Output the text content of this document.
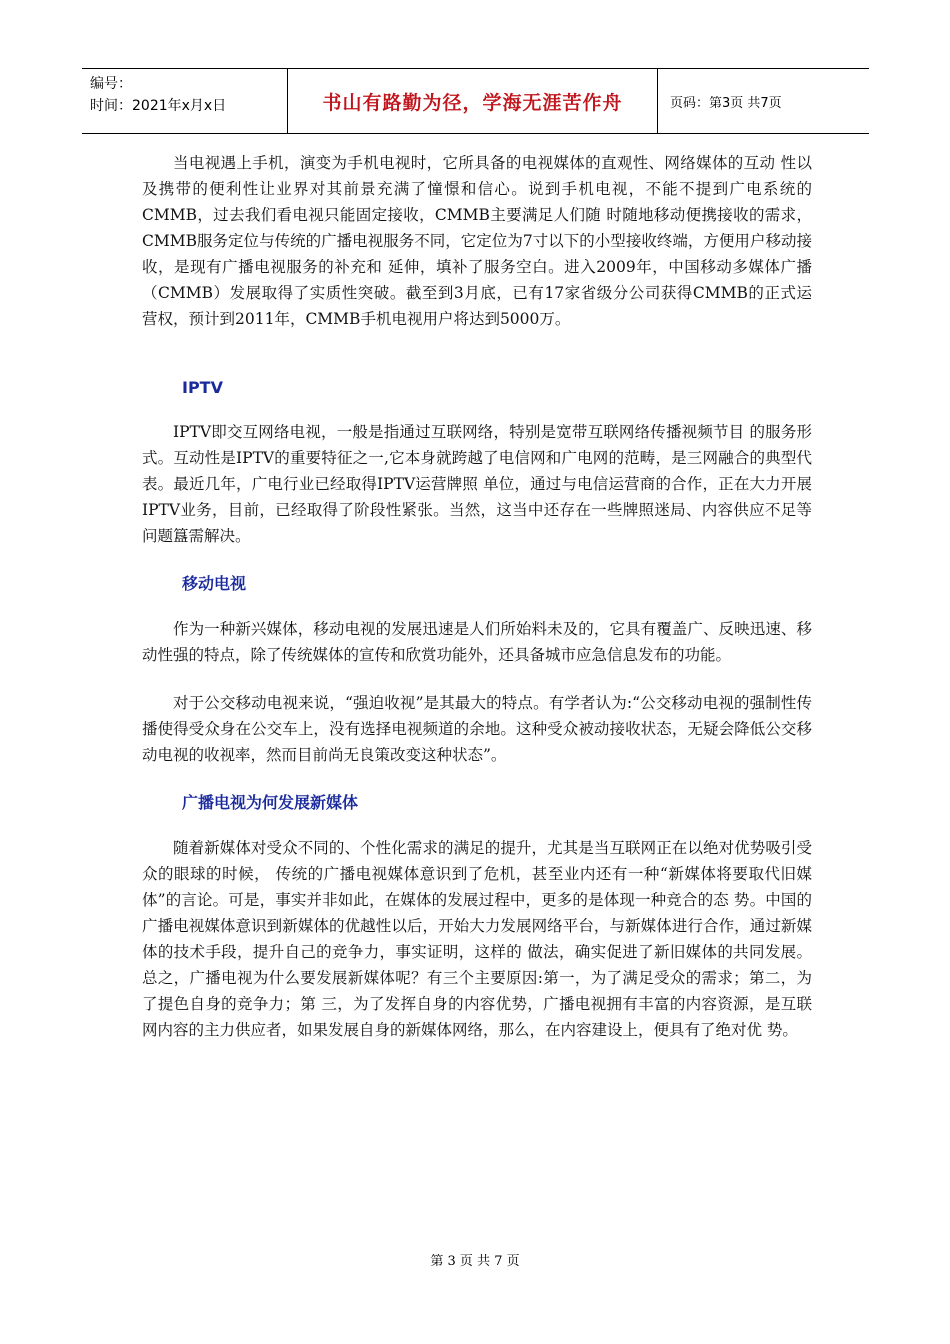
编号：
时间：2021年x月x日	书山有路勤为径，学海无涯苦作舟	页码：第3页 共7页

当电视遇上手机，演变为手机电视时，它所具备的电视媒体的直观性、网络媒体的互动 性以及携带的便利性让业界对其前景充满了憧憬和信心。说到手机电视，不能不提到广电系统的CMMB，过去我们看电视只能固定接收，CMMB主要满足人们随 时随地移动便携接收的需求，CMMB服务定位与传统的广播电视服务不同，它定位为7寸以下的小型接收终端，方便用户移动接收，是现有广播电视服务的补充和 延伸，填补了服务空白。进入2009年，中国移动多媒体广播（CMMB）发展取得了实质性突破。截至到3月底，已有17家省级分公司获得CMMB的正式运 营权，预计到2011年，CMMB手机电视用户将达到5000万。

IPTV

IPTV即交互网络电视，一般是指通过互联网络，特别是宽带互联网络传播视频节目 的服务形式。互动性是IPTV的重要特征之一,它本身就跨越了电信网和广电网的范畴，是三网融合的典型代表。最近几年，广电行业已经取得IPTV运营牌照 单位，通过与电信运营商的合作，正在大力开展IPTV业务，目前，已经取得了阶段性紧张。当然，这当中还存在一些牌照迷局、内容供应不足等问题簋需解决。

移动电视

作为一种新兴媒体，移动电视的发展迅速是人们所始料未及的，它具有覆盖广、反映迅速、移动性强的特点，除了传统媒体的宣传和欣赏功能外，还具备城市应急信息发布的功能。

对于公交移动电视来说，“强迫收视”是其最大的特点。有学者认为:“公交移动电视的强制性传播使得受众身在公交车上，没有选择电视频道的余地。这种受众被动接收状态，无疑会降低公交移动电视的收视率，然而目前尚无良策改变这种状态”。

广播电视为何发展新媒体

随着新媒体对受众不同的、个性化需求的满足的提升，尤其是当互联网正在以绝对优势吸引受众的眼球的时候， 传统的广播电视媒体意识到了危机，甚至业内还有一种“新媒体将要取代旧媒体”的言论。可是，事实并非如此，在媒体的发展过程中，更多的是体现一种竞合的态 势。中国的广播电视媒体意识到新媒体的优越性以后，开始大力发展网络平台，与新媒体进行合作，通过新媒体的技术手段，提升自己的竞争力，事实证明，这样的 做法，确实促进了新旧媒体的共同发展。总之，广播电视为什么要发展新媒体呢？有三个主要原因:第一，为了满足受众的需求；第二，为了提色自身的竞争力；第 三，为了发挥自身的内容优势，广播电视拥有丰富的内容资源，是互联网内容的主力供应者，如果发展自身的新媒体网络，那么，在内容建设上，便具有了绝对优 势。

第 3 页 共 7 页
